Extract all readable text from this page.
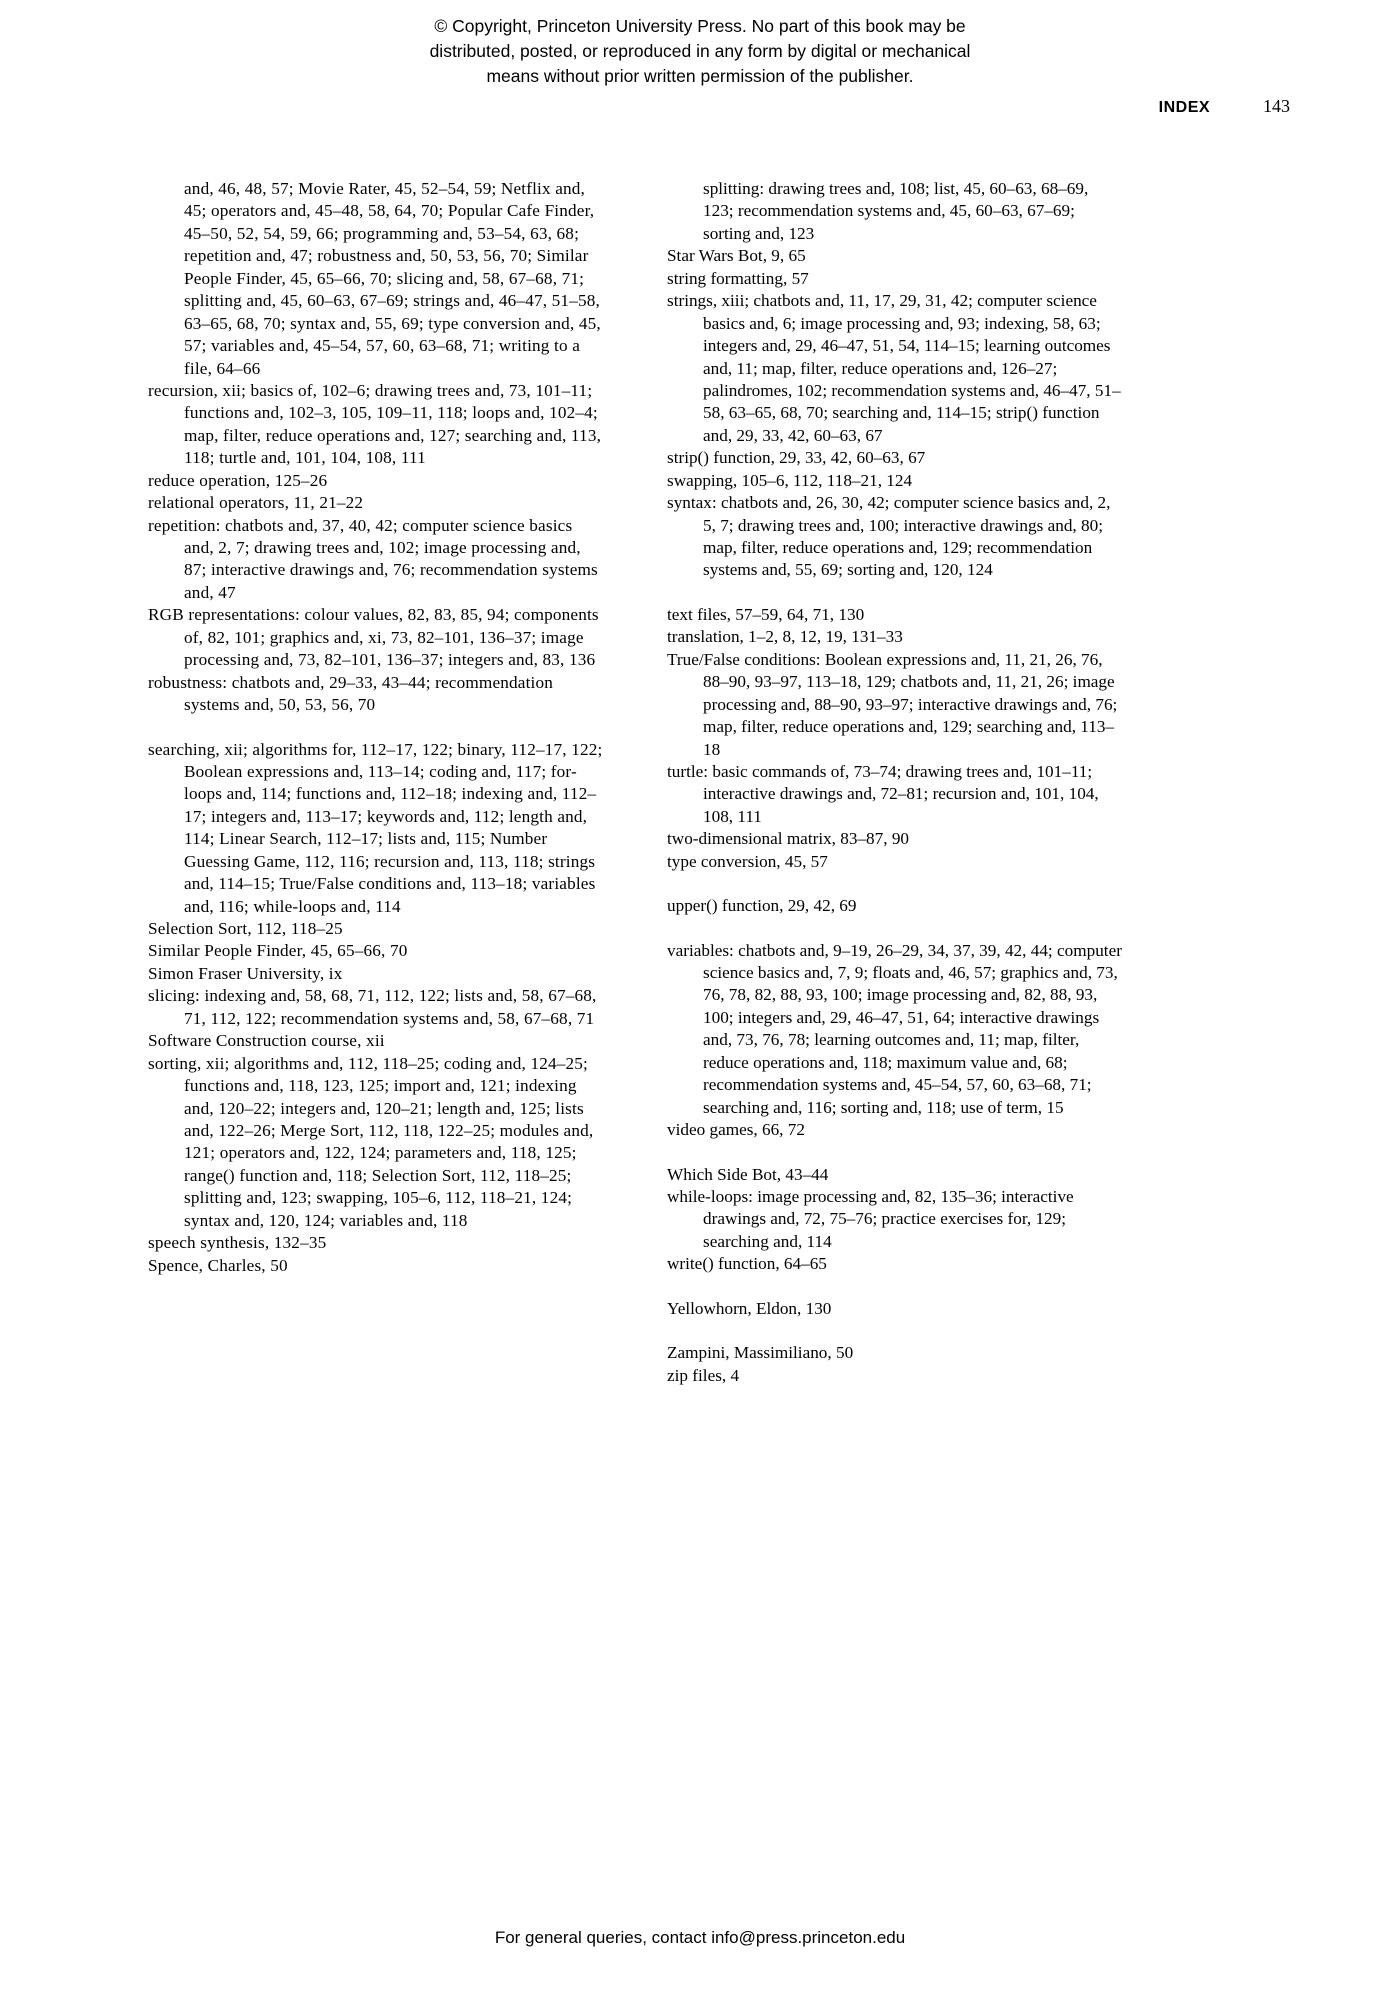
© Copyright, Princeton University Press. No part of this book may be
distributed, posted, or reproduced in any form by digital or mechanical
means without prior written permission of the publisher.
INDEX	143

and, 46, 48, 57; Movie Rater, 45, 52–54, 59; Netflix and, 45; operators and, 45–48, 58, 64, 70; Popular Cafe Finder, 45–50, 52, 54, 59, 66; programming and, 53–54, 63, 68; repetition and, 47; robustness and, 50, 53, 56, 70; Similar People Finder, 45, 65–66, 70; slicing and, 58, 67–68, 71; splitting and, 45, 60–63, 67–69; strings and, 46–47, 51–58, 63–65, 68, 70; syntax and, 55, 69; type conversion and, 45, 57; variables and, 45–54, 57, 60, 63–68, 71; writing to a file, 64–66

recursion, xii; basics of, 102–6; drawing trees and, 73, 101–11; functions and, 102–3, 105, 109–11, 118; loops and, 102–4; map, filter, reduce operations and, 127; searching and, 113, 118; turtle and, 101, 104, 108, 111

reduce operation, 125–26

relational operators, 11, 21–22

repetition: chatbots and, 37, 40, 42; computer science basics and, 2, 7; drawing trees and, 102; image processing and, 87; interactive drawings and, 76; recommendation systems and, 47

RGB representations: colour values, 82, 83, 85, 94; components of, 82, 101; graphics and, xi, 73, 82–101, 136–37; image processing and, 73, 82–101, 136–37; integers and, 83, 136

robustness: chatbots and, 29–33, 43–44; recommendation systems and, 50, 53, 56, 70

searching, xii; algorithms for, 112–17, 122; binary, 112–17, 122; Boolean expressions and, 113–14; coding and, 117; for-loops and, 114; functions and, 112–18; indexing and, 112–17; integers and, 113–17; keywords and, 112; length and, 114; Linear Search, 112–17; lists and, 115; Number Guessing Game, 112, 116; recursion and, 113, 118; strings and, 114–15; True/False conditions and, 113–18; variables and, 116; while-loops and, 114

Selection Sort, 112, 118–25

Similar People Finder, 45, 65–66, 70

Simon Fraser University, ix

slicing: indexing and, 58, 68, 71, 112, 122; lists and, 58, 67–68, 71, 112, 122; recommendation systems and, 58, 67–68, 71

Software Construction course, xii

sorting, xii; algorithms and, 112, 118–25; coding and, 124–25; functions and, 118, 123, 125; import and, 121; indexing and, 120–22; integers and, 120–21; length and, 125; lists and, 122–26; Merge Sort, 112, 118, 122–25; modules and, 121; operators and, 122, 124; parameters and, 118, 125; range() function and, 118; Selection Sort, 112, 118–25; splitting and, 123; swapping, 105–6, 112, 118–21, 124; syntax and, 120, 124; variables and, 118

speech synthesis, 132–35

Spence, Charles, 50

splitting: drawing trees and, 108; list, 45, 60–63, 68–69, 123; recommendation systems and, 45, 60–63, 67–69; sorting and, 123

Star Wars Bot, 9, 65

string formatting, 57

strings, xiii; chatbots and, 11, 17, 29, 31, 42; computer science basics and, 6; image processing and, 93; indexing, 58, 63; integers and, 29, 46–47, 51, 54, 114–15; learning outcomes and, 11; map, filter, reduce operations and, 126–27; palindromes, 102; recommendation systems and, 46–47, 51–58, 63–65, 68, 70; searching and, 114–15; strip() function and, 29, 33, 42, 60–63, 67

strip() function, 29, 33, 42, 60–63, 67

swapping, 105–6, 112, 118–21, 124

syntax: chatbots and, 26, 30, 42; computer science basics and, 2, 5, 7; drawing trees and, 100; interactive drawings and, 80; map, filter, reduce operations and, 129; recommendation systems and, 55, 69; sorting and, 120, 124

text files, 57–59, 64, 71, 130

translation, 1–2, 8, 12, 19, 131–33

True/False conditions: Boolean expressions and, 11, 21, 26, 76, 88–90, 93–97, 113–18, 129; chatbots and, 11, 21, 26; image processing and, 88–90, 93–97; interactive drawings and, 76; map, filter, reduce operations and, 129; searching and, 113–18

turtle: basic commands of, 73–74; drawing trees and, 101–11; interactive drawings and, 72–81; recursion and, 101, 104, 108, 111

two-dimensional matrix, 83–87, 90

type conversion, 45, 57

upper() function, 29, 42, 69

variables: chatbots and, 9–19, 26–29, 34, 37, 39, 42, 44; computer science basics and, 7, 9; floats and, 46, 57; graphics and, 73, 76, 78, 82, 88, 93, 100; image processing and, 82, 88, 93, 100; integers and, 29, 46–47, 51, 64; interactive drawings and, 73, 76, 78; learning outcomes and, 11; map, filter, reduce operations and, 118; maximum value and, 68; recommendation systems and, 45–54, 57, 60, 63–68, 71; searching and, 116; sorting and, 118; use of term, 15

video games, 66, 72

Which Side Bot, 43–44

while-loops: image processing and, 82, 135–36; interactive drawings and, 72, 75–76; practice exercises for, 129; searching and, 114

write() function, 64–65

Yellowhorn, Eldon, 130

Zampini, Massimiliano, 50

zip files, 4

For general queries, contact info@press.princeton.edu
